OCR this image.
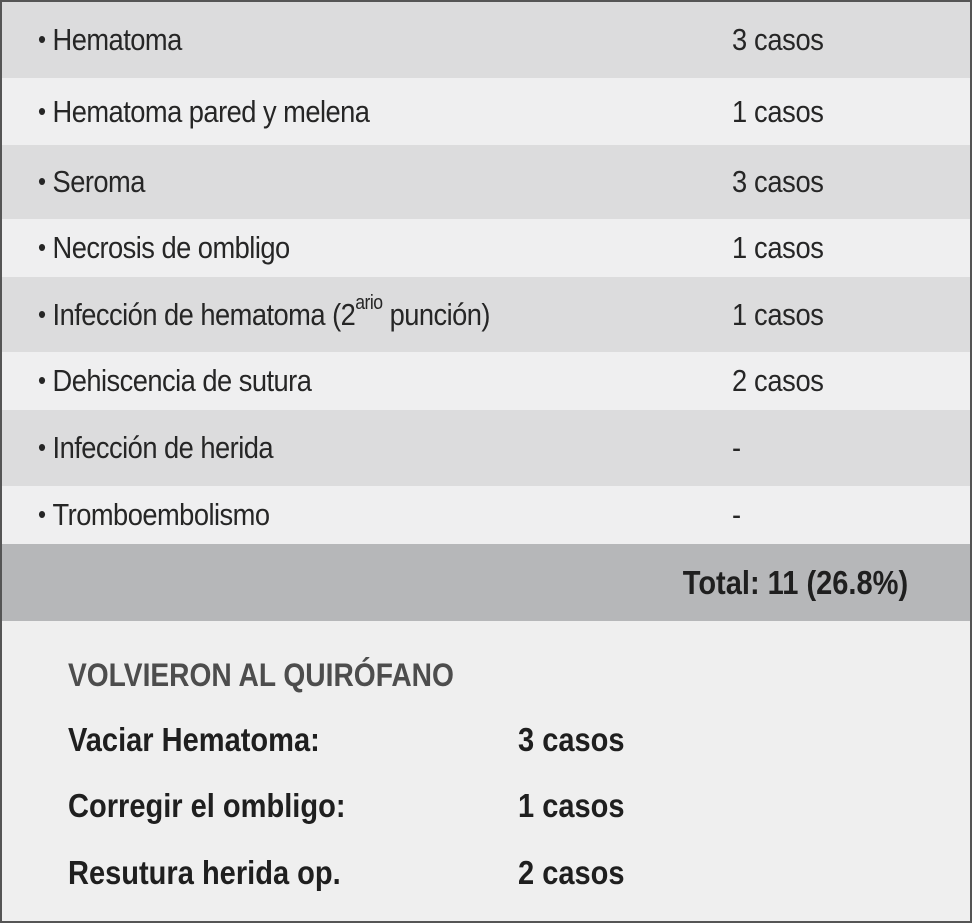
• Hematoma	3 casos
• Hematoma pared y melena	1 casos
• Seroma	3 casos
• Necrosis de ombligo	1 casos
• Infección de hematoma ($2^{ario}$ punción)	1 casos
• Dehiscencia de sutura	2 casos
• Infección de herida	-
• Tromboembolismo	-
Total: 11 (26.8%)
VOLVIERON AL QUIRÓFANO
Vaciar Hematoma:	3 casos
Corregir el ombligo:	1 casos
Resutura herida op.	2 casos
